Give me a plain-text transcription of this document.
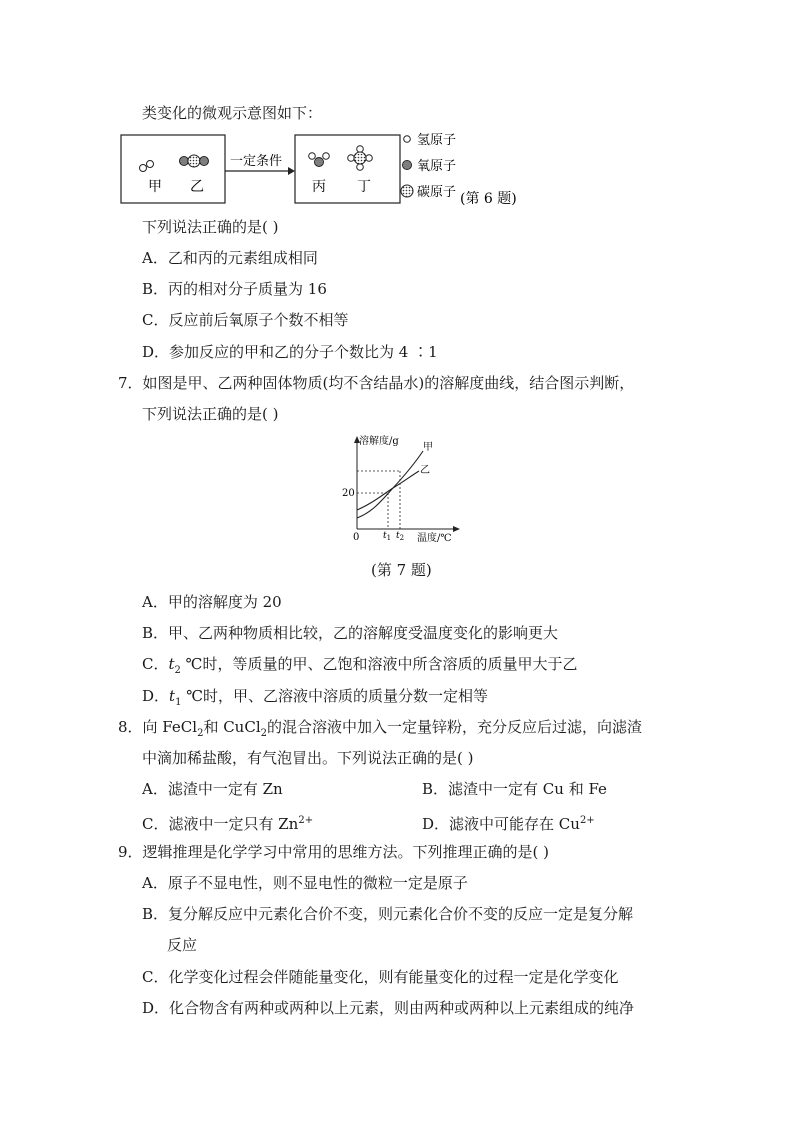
类变化的微观示意图如下：
甲 乙
一定条件
丙 丁
氢原子
氧原子
碳原子 (第 6 题)
下列说法正确的是( )
A．乙和丙的元素组成相同
B．丙的相对分子质量为 16
C．反应前后氧原子个数不相等
D．参加反应的甲和乙的分子个数比为 4 ∶1
7．如图是甲、乙两种固体物质(均不含结晶水)的溶解度曲线，结合图示判断，
下列说法正确的是( )
溶解度/g
温度/℃
0
20
甲
乙
$t_1$ $t_2$
(第 7 题)
A．甲的溶解度为 20
B．甲、乙两种物质相比较，乙的溶解度受温度变化的影响更大
C．$t_2$ ℃时，等质量的甲、乙饱和溶液中所含溶质的质量甲大于乙
D．$t_1$ ℃时，甲、乙溶液中溶质的质量分数一定相等
8．向 FeCl$_2$和 CuCl$_2$的混合溶液中加入一定量锌粉，充分反应后过滤，向滤渣
中滴加稀盐酸，有气泡冒出。下列说法正确的是( )
A．滤渣中一定有 Zn	B．滤渣中一定有 Cu 和 Fe
C．滤液中一定只有 $Zn^{2+}$	D．滤液中可能存在 $Cu^{2+}$
9．逻辑推理是化学学习中常用的思维方法。下列推理正确的是( )
A．原子不显电性，则不显电性的微粒一定是原子
B．复分解反应中元素化合价不变，则元素化合价不变的反应一定是复分解
反应
C．化学变化过程会伴随能量变化，则有能量变化的过程一定是化学变化
D．化合物含有两种或两种以上元素，则由两种或两种以上元素组成的纯净
